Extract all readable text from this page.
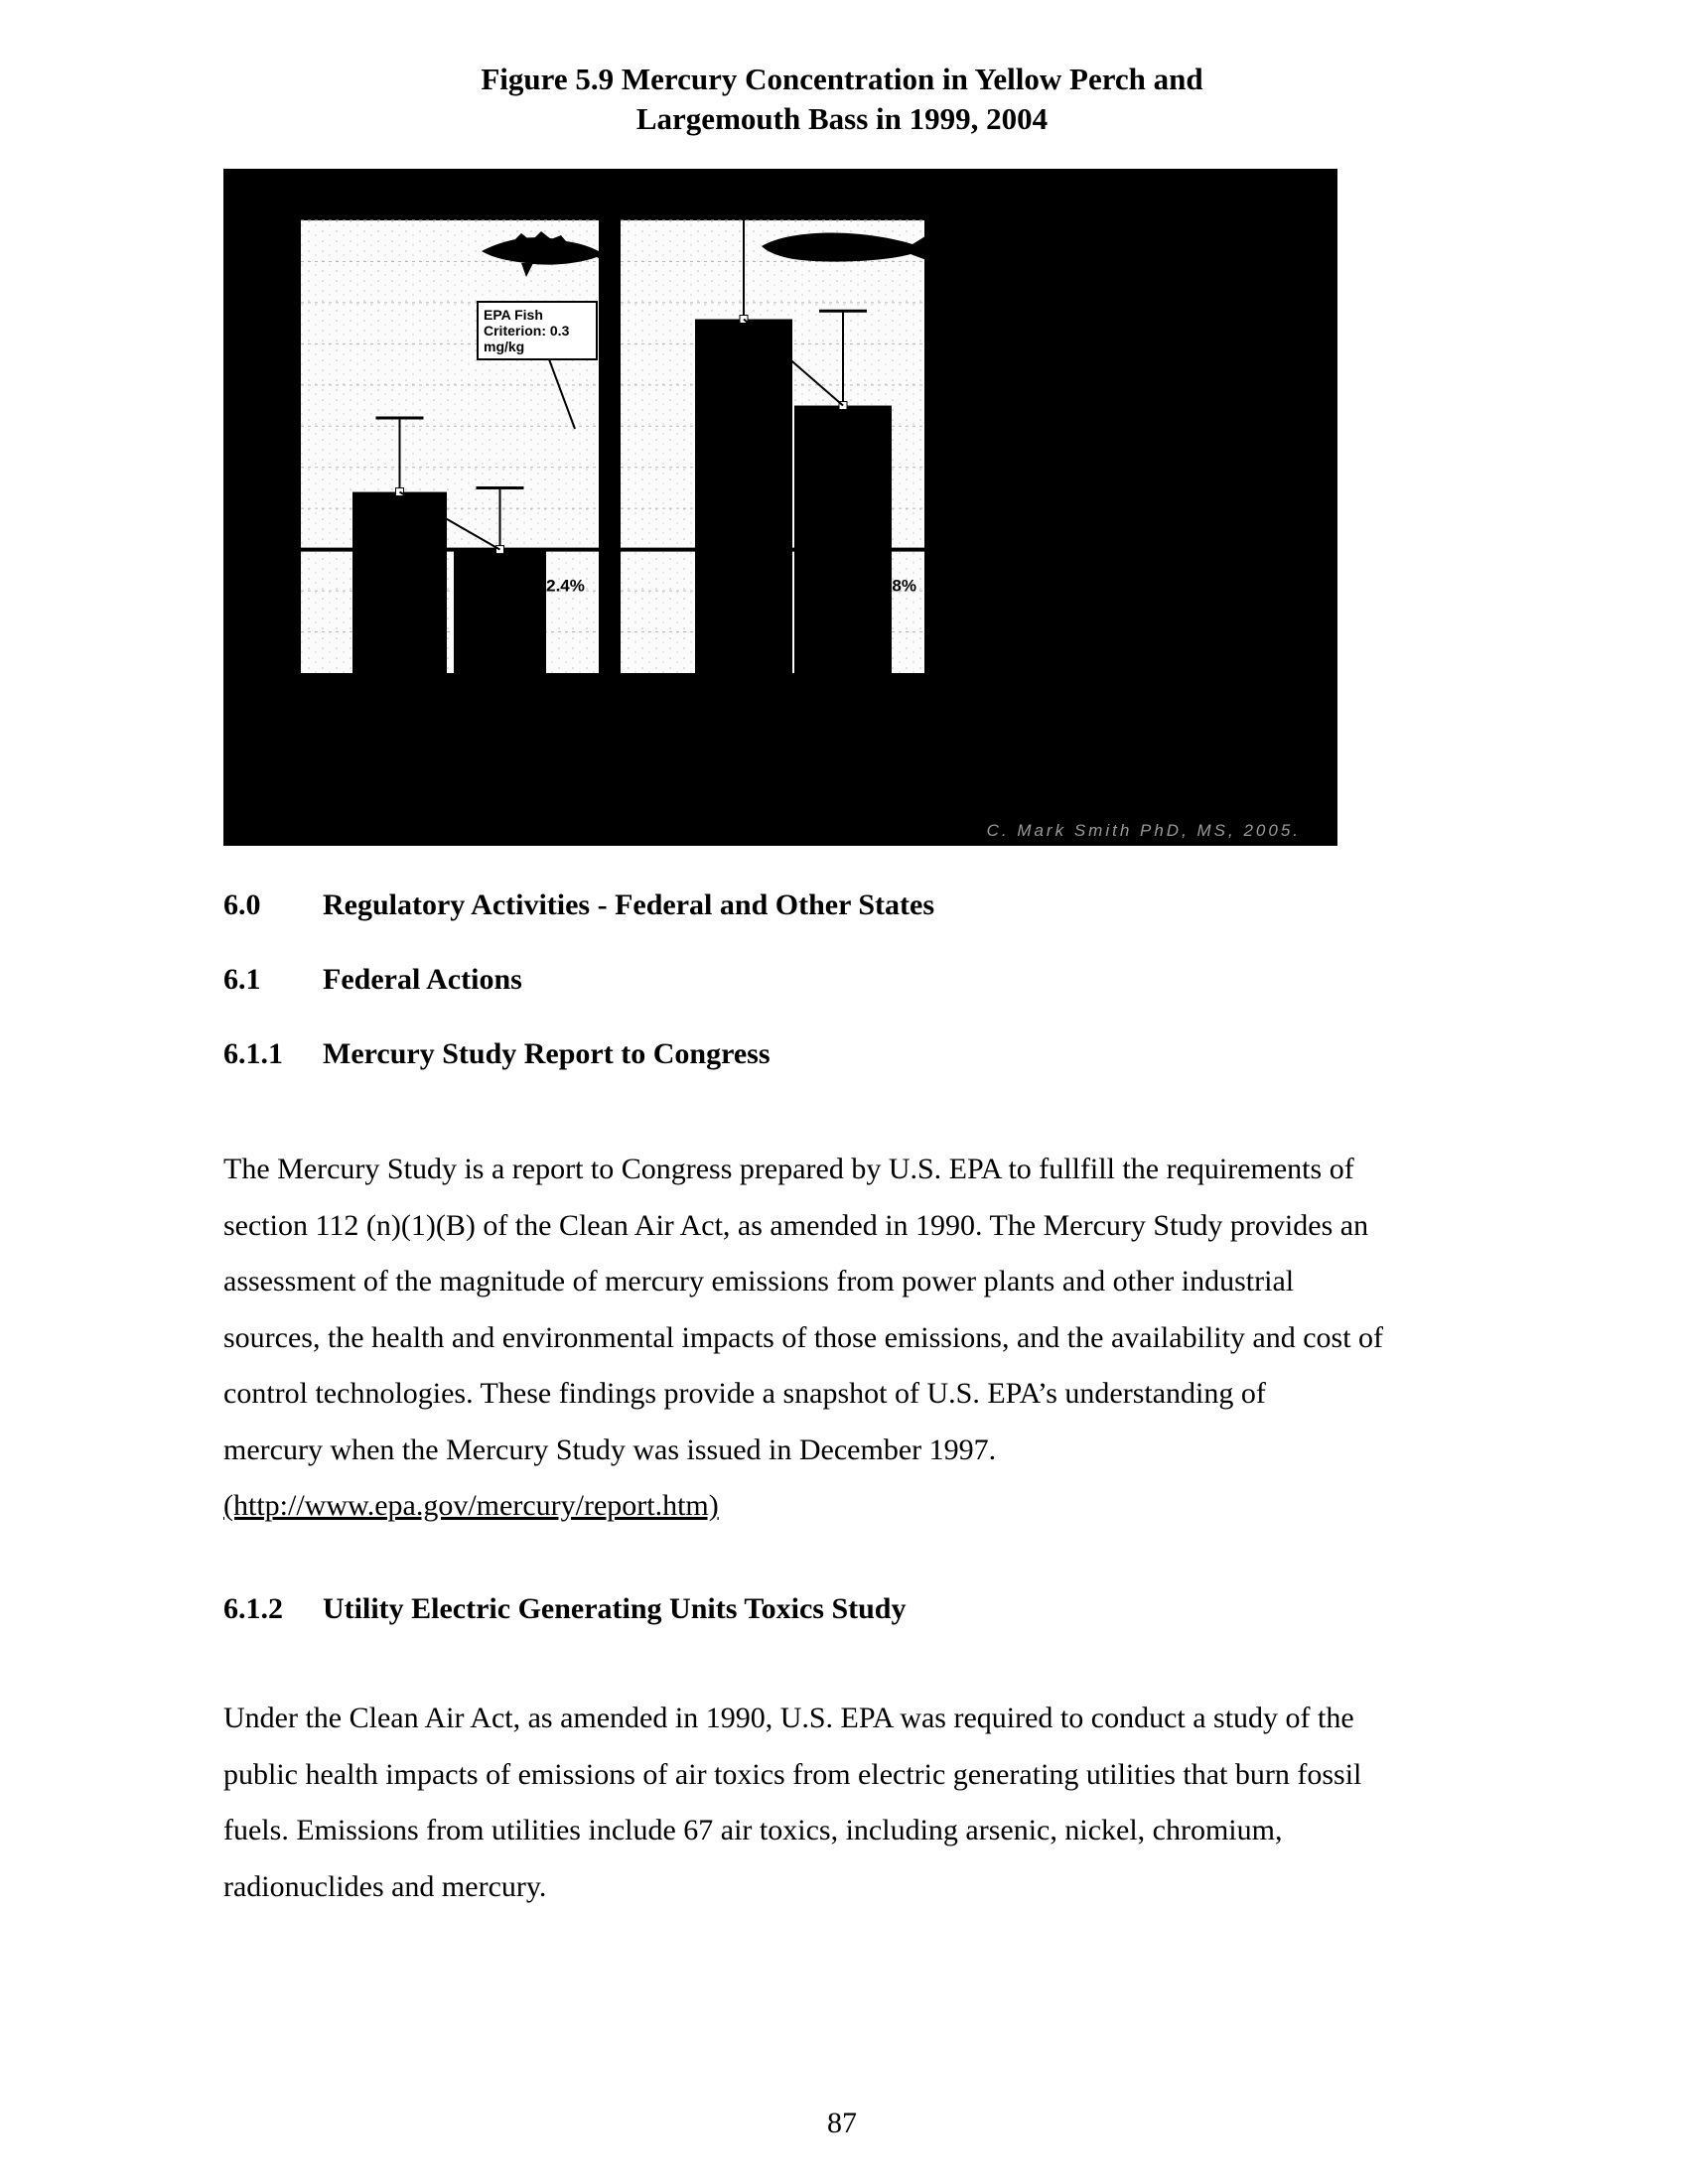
Figure 5.9 Mercury Concentration in Yellow Perch and
Largemouth Bass in 1999, 2004
-32.4%	-24.8%
EPA Fish
Criterion: 0.3
mg/kg
C. Mark Smith PhD, MS, 2005.
6.0 Regulatory Activities - Federal and Other States
6.1 Federal Actions
6.1.1 Mercury Study Report to Congress
The Mercury Study is a report to Congress prepared by U.S. EPA to fullfill the requirements of
section 112 (n)(1)(B) of the Clean Air Act, as amended in 1990. The Mercury Study provides an
assessment of the magnitude of mercury emissions from power plants and other industrial
sources, the health and environmental impacts of those emissions, and the availability and cost of
control technologies. These findings provide a snapshot of U.S. EPA’s understanding of
mercury when the Mercury Study was issued in December 1997.
(http://www.epa.gov/mercury/report.htm)
6.1.2 Utility Electric Generating Units Toxics Study
Under the Clean Air Act, as amended in 1990, U.S. EPA was required to conduct a study of the
public health impacts of emissions of air toxics from electric generating utilities that burn fossil
fuels. Emissions from utilities include 67 air toxics, including arsenic, nickel, chromium,
radionuclides and mercury.
87
